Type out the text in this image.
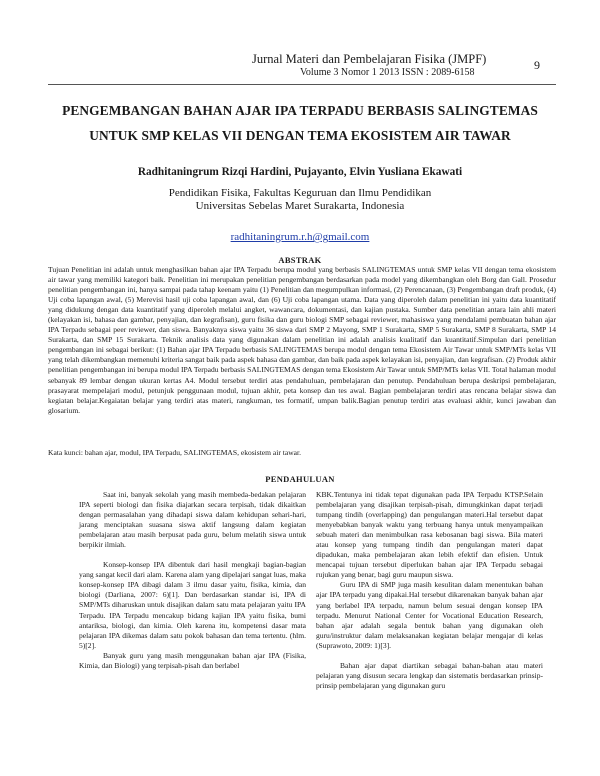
Jurnal Materi dan Pembelajaran Fisika (JMPF)
Volume 3 Nomor 1 2013 ISSN : 2089-6158
9
PENGEMBANGAN BAHAN AJAR IPA TERPADU BERBASIS SALINGTEMAS
UNTUK SMP KELAS VII DENGAN TEMA EKOSISTEM AIR TAWAR
Radhitaningrum Rizqi Hardini, Pujayanto, Elvin Yusliana Ekawati
Pendidikan Fisika, Fakultas Keguruan dan Ilmu Pendidikan
Universitas Sebelas Maret Surakarta, Indonesia
radhitaningrum.r.h@gmail.com
ABSTRAK
Tujuan Penelitian ini adalah untuk menghasilkan bahan ajar IPA Terpadu berupa modul yang berbasis SALINGTEMAS untuk SMP kelas VII dengan tema ekosistem air tawar yang memiliki kategori baik. Penelitian ini merupakan penelitian pengembangan berdasarkan pada model yang dikembangkan oleh Borg dan Gall. Prosedur penelitian pengembangan ini, hanya sampai pada tahap keenam yaitu (1) Penelitian dan megumpulkan informasi, (2) Perencanaan, (3) Pengembangan draft produk, (4) Uji coba lapangan awal, (5) Merevisi hasil uji coba lapangan awal, dan (6) Uji coba lapangan utama. Data yang diperoleh dalam penelitian ini yaitu data kuantitatif yang didukung dengan data kuantitatif yang diperoleh melalui angket, wawancara, dokumentasi, dan kajian pustaka. Sumber data penelitian antara lain ahli materi (kelayakan isi, bahasa dan gambar, penyajian, dan kegrafisan), guru fisika dan guru biologi SMP sebagai reviewer, mahasiswa yang mendalami pembuatan bahan ajar IPA Terpadu sebagai peer reviewer, dan siswa. Banyaknya siswa yaitu 36 siswa dari SMP 2 Mayong, SMP 1 Surakarta, SMP 5 Surakarta, SMP 8 Surakarta, SMP 14 Surakarta, dan SMP 15 Surakarta. Teknik analisis data yang digunakan dalam penelitian ini adalah analisis kualitatif dan kuantitatif.Simpulan dari penelitian pengembangan ini sebagai berikut: (1) Bahan ajar IPA Terpadu berbasis SALINGTEMAS berupa modul dengan tema Ekosistem Air Tawar untuk SMP/MTs kelas VII yang telah dikembangkan memenuhi kriteria sangat baik pada aspek bahasa dan gambar, dan baik pada aspek kelayakan isi, penyajian, dan kegrafisan. (2) Produk akhir penelitian pengembangan ini berupa modul IPA Terpadu berbasis SALINGTEMAS dengan tema Ekosistem Air Tawar untuk SMP/MTs kelas VII. Total halaman modul sebanyak 89 lembar dengan ukuran kertas A4. Modul tersebut terdiri atas pendahuluan, pembelajaran dan penutup. Pendahuluan berupa deskripsi pembelajaran, prasayarat mempelajari modul, petunjuk penggunaan modul, tujuan akhir, peta konsep dan tes awal. Bagian pembelajaran terdiri atas rencana belajar siswa dan kegiatan belajar.Kegaiatan belajar yang terdiri atas materi, rangkuman, tes formatif, umpan balik.Bagian penutup terdiri atas evaluasi akhir, kunci jawaban dan glosarium.
Kata kunci: bahan ajar, modul, IPA Terpadu, SALINGTEMAS, ekosistem air tawar.
PENDAHULUAN

Saat ini, banyak sekolah yang masih membeda-bedakan pelajaran IPA seperti biologi dan fisika diajarkan secara terpisah, tidak dikaitkan dengan permasalahan yang dihadapi siswa dalam kehidupan sehari-hari, jarang menciptakan suasana siswa aktif langsung dalam kegiatan pembelajaran atau masih berpusat pada guru, belum melatih siswa untuk berpikir ilmiah.

Konsep-konsep IPA dibentuk dari hasil mengkaji bagian-bagian yang sangat kecil dari alam. Karena alam yang dipelajari sangat luas, maka konsep-konsep IPA dibagi dalam 3 ilmu dasar yaitu, fisika, kimia, dan biologi (Darliana, 2007: 6)[1]. Dan berdasarkan standar isi, IPA di SMP/MTs diharuskan untuk disajikan dalam satu mata pelajaran yaitu IPA Terpadu. IPA Terpadu mencakup bidang kajian IPA yaitu fisika, bumi antariksa, biologi, dan kimia. Oleh karena itu, kompetensi dasar mata pelajaran IPA dikemas dalam satu pokok bahasan dan tema tertentu. (hlm. 5)[2].

Banyak guru yang masih menggunakan bahan ajar IPA (Fisika, Kimia, dan Biologi) yang terpisah-pisah dan berlabel

KBK.Tentunya ini tidak tepat digunakan pada IPA Terpadu KTSP.Selain pembelajaran yang disajikan terpisah-pisah, dimungkinkan dapat terjadi tumpang tindih (overlapping) dan pengulangan materi.Hal tersebut dapat menyebabkan banyak waktu yang terbuang hanya untuk menyampaikan sebuah materi dan menimbulkan rasa kebosanan bagi siswa. Bila materi atau konsep yang tumpang tindih dan pengulangan materi dapat dipadukan, maka pembelajaran akan lebih efektif dan efisien. Untuk mencapai tujuan tersebut diperlukan bahan ajar IPA Terpadu sebagai rujukan yang benar, bagi guru maupun siswa.

Guru IPA di SMP juga masih kesulitan dalam menentukan bahan ajar IPA terpadu yang dipakai.Hal tersebut dikarenakan banyak bahan ajar yang berlabel IPA terpadu, namun belum sesuai dengan konsep IPA terpadu. Menurut National Center for Vocational Education Research, bahan ajar adalah segala bentuk bahan yang digunakan oleh guru/instruktur dalam melaksanakan kegiatan belajar mengajar di kelas (Suprawoto, 2009: 1)[3].

Bahan ajar dapat diartikan sebagai bahan-bahan atau materi pelajaran yang disusun secara lengkap dan sistematis berdasarkan prinsip-prinsip pembelajaran yang digunakan guru
